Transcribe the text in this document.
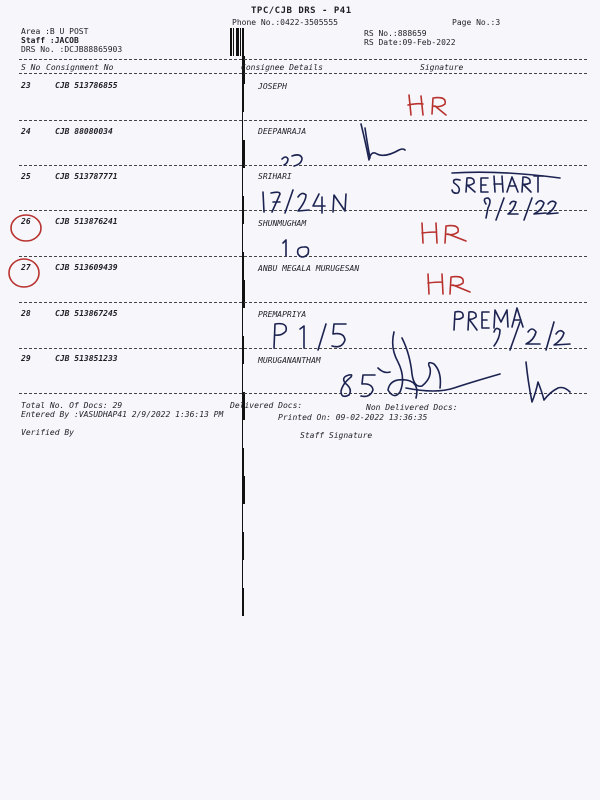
TPC/CJB DRS - P41
Phone No.:0422-3505555	Page No.:3
Area :B U POST
Staff :JACOB
DRS No. :DCJB88865903
RS No.:888659
RS Date:09-Feb-2022
S No Consignment No	Consignee Details	Signature
23	CJB 513786855	JOSEPH
24	CJB 88080034	DEEPANRAJA
25	CJB 513787771	SRIHARI
26	CJB 513876241	SHUNMUGHAM
27	CJB 513609439	ANBU MEGALA MURUGESAN
28	CJB 513867245	PREMAPRIYA
29	CJB 513851233	MURUGANANTHAM
Total No. Of Docs: 29	Delivered Docs:	Non Delivered Docs:
Entered By :VASUDHAP41 2/9/2022 1:36:13 PM	Printed On: 09-02-2022 13:36:35
Verified By	Staff Signature
